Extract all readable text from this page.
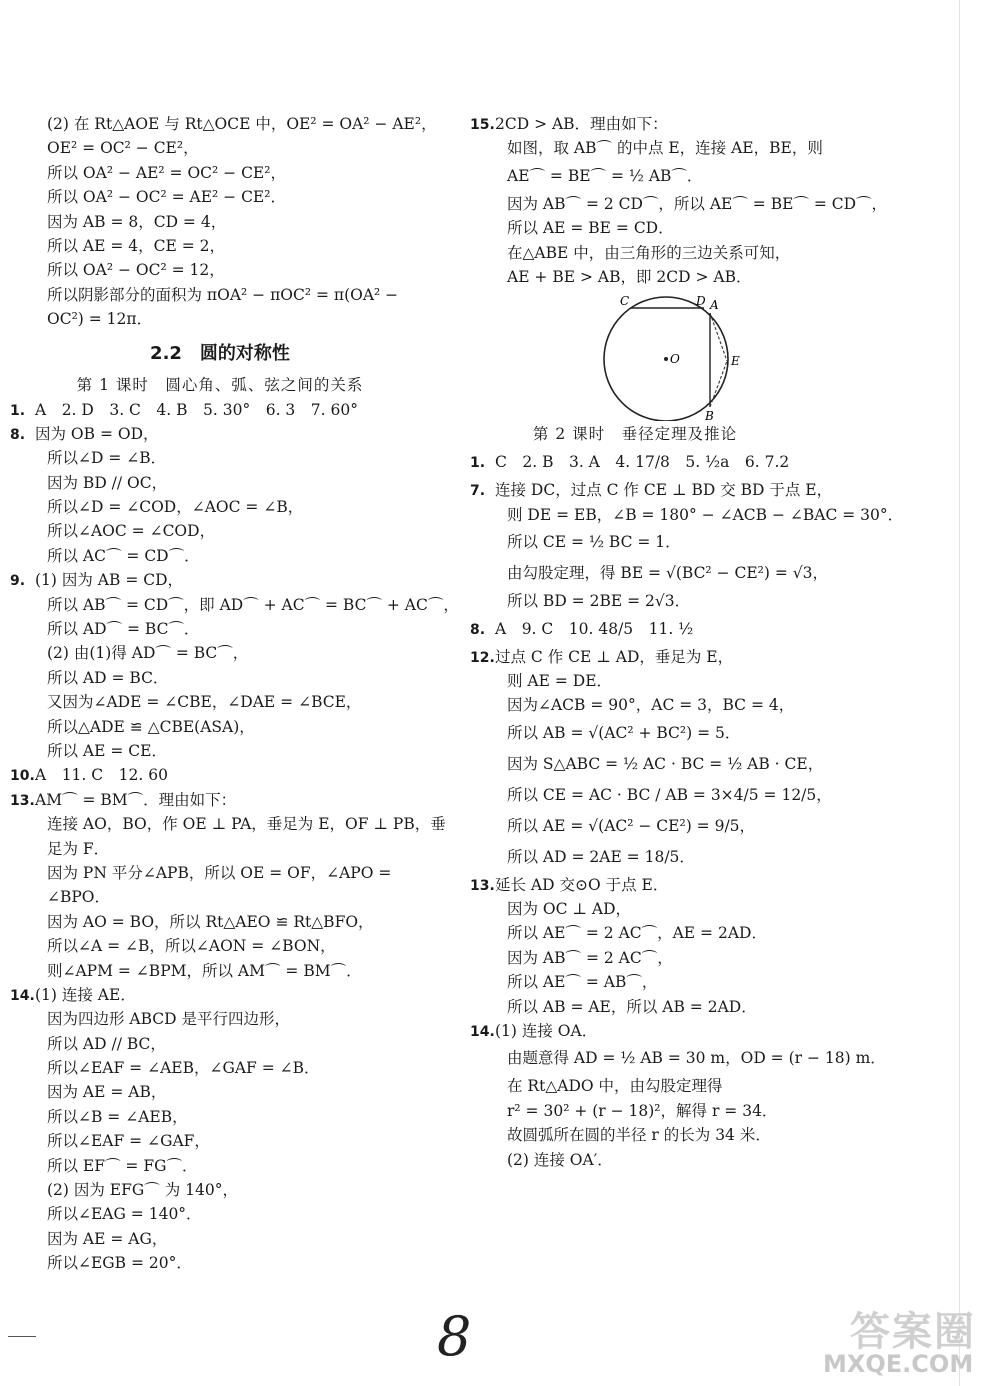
(2) 在 Rt△AOE 与 Rt△OCE 中，OE² = OA² − AE²，
OE² = OC² − CE²，
所以 OA² − AE² = OC² − CE²，
所以 OA² − OC² = AE² − CE²．
因为 AB = 8，CD = 4，
所以 AE = 4，CE = 2，
所以 OA² − OC² = 12，
所以阴影部分的面积为 πOA² − πOC² = π(OA² −
OC²) = 12π．
2.2　圆的对称性
第 1 课时　圆心角、弧、弦之间的关系
1. A　2. D　3. C　4. B　5. 30°　6. 3　7. 60°
8. 因为 OB = OD，
所以∠D = ∠B．
因为 BD // OC，
所以∠D = ∠COD，∠AOC = ∠B，
所以∠AOC = ∠COD，
所以 AC⌒ = CD⌒．
9. (1) 因为 AB = CD，
所以 AB⌒ = CD⌒，即 AD⌒ + AC⌒ = BC⌒ + AC⌒，
所以 AD⌒ = BC⌒．
(2) 由(1)得 AD⌒ = BC⌒，
所以 AD = BC．
又因为∠ADE = ∠CBE，∠DAE = ∠BCE，
所以△ADE ≌ △CBE(ASA)，
所以 AE = CE．
10.A　11. C　12. 60
13.AM⌒ = BM⌒．理由如下：
连接 AO，BO，作 OE ⊥ PA，垂足为 E，OF ⊥ PB，垂
足为 F．
因为 PN 平分∠APB，所以 OE = OF，∠APO =
∠BPO．
因为 AO = BO，所以 Rt△AEO ≌ Rt△BFO，
所以∠A = ∠B，所以∠AON = ∠BON，
则∠APM = ∠BPM，所以 AM⌒ = BM⌒．
14.(1) 连接 AE．
因为四边形 ABCD 是平行四边形，
所以 AD // BC，
所以∠EAF = ∠AEB，∠GAF = ∠B．
因为 AE = AB，
所以∠B = ∠AEB，
所以∠EAF = ∠GAF，
所以 EF⌒ = FG⌒．
(2) 因为 EFG⌒ 为 140°，
所以∠EAG = 140°．
因为 AE = AG，
所以∠EGB = 20°．
15.2CD > AB．理由如下：
如图，取 AB⌒ 的中点 E，连接 AE，BE，则
AE⌒ = BE⌒ = ½ AB⌒．
因为 AB⌒ = 2 CD⌒，所以 AE⌒ = BE⌒ = CD⌒，
所以 AE = BE = CD．
在△ABE 中，由三角形的三边关系可知，
AE + BE > AB，即 2CD > AB．
C	D A
E
O
B
第 2 课时　垂径定理及推论
1. C　2. B　3. A　4. 17/8　5. ½a　6. 7.2
7. 连接 DC，过点 C 作 CE ⊥ BD 交 BD 于点 E，
则 DE = EB，∠B = 180° − ∠ACB − ∠BAC = 30°．
所以 CE = ½ BC = 1．
由勾股定理，得 BE = √(BC² − CE²) = √3，
所以 BD = 2BE = 2√3．
8. A　9. C　10. 48/5　11. ½
12.过点 C 作 CE ⊥ AD，垂足为 E，
则 AE = DE．
因为∠ACB = 90°，AC = 3，BC = 4，
所以 AB = √(AC² + BC²) = 5．
因为 S△ABC = ½ AC · BC = ½ AB · CE，
所以 CE = AC · BC / AB = 3×4/5 = 12/5，
所以 AE = √(AC² − CE²) = 9/5，
所以 AD = 2AE = 18/5．
13.延长 AD 交⊙O 于点 E．
因为 OC ⊥ AD，
所以 AE⌒ = 2 AC⌒，AE = 2AD．
因为 AB⌒ = 2 AC⌒，
所以 AE⌒ = AB⌒，
所以 AB = AE，所以 AB = 2AD．
14.(1) 连接 OA．
由题意得 AD = ½ AB = 30 m，OD = (r − 18) m．
在 Rt△ADO 中，由勾股定理得
r² = 30² + (r − 18)²，解得 r = 34．
故圆弧所在圆的半径 r 的长为 34 米．
(2) 连接 OA′．
8	答案圈
MXQE.COM
